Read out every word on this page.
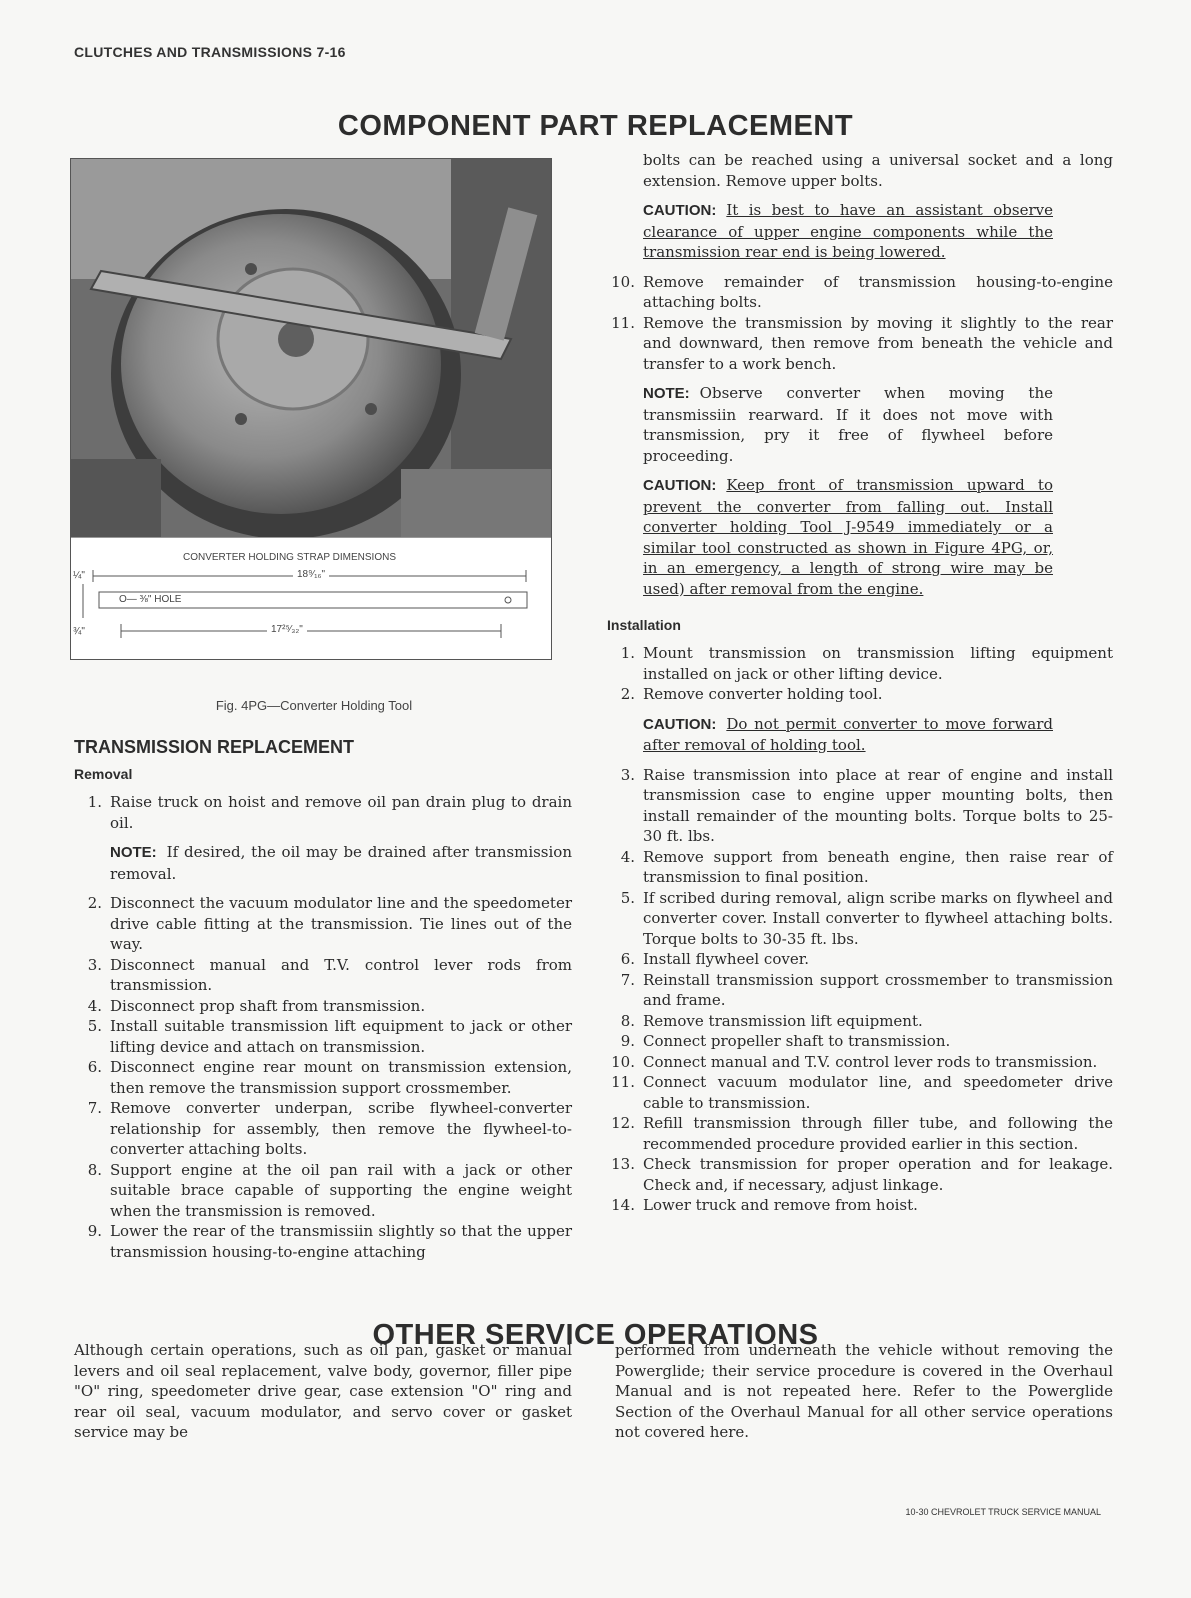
CLUTCHES AND TRANSMISSIONS 7-16
COMPONENT PART REPLACEMENT
CONVERTER HOLDING STRAP DIMENSIONS
18⁹⁄₁₆"
O— ⅜" HOLE
17²⁵⁄₃₂"
¼"
¾"
Fig. 4PG—Converter Holding Tool
TRANSMISSION REPLACEMENT
Removal
1. Raise truck on hoist and remove oil pan drain plug to drain oil.
NOTE: If desired, the oil may be drained after transmission removal.
2. Disconnect the vacuum modulator line and the speedometer drive cable fitting at the transmission. Tie lines out of the way.
3. Disconnect manual and T.V. control lever rods from transmission.
4. Disconnect prop shaft from transmission.
5. Install suitable transmission lift equipment to jack or other lifting device and attach on transmission.
6. Disconnect engine rear mount on transmission extension, then remove the transmission support crossmember.
7. Remove converter underpan, scribe flywheel-converter relationship for assembly, then remove the flywheel-to-converter attaching bolts.
8. Support engine at the oil pan rail with a jack or other suitable brace capable of supporting the engine weight when the transmission is removed.
9. Lower the rear of the transmissiin slightly so that the upper transmission housing-to-engine attaching

bolts can be reached using a universal socket and a long extension. Remove upper bolts.

CAUTION: It is best to have an assistant observe clearance of upper engine components while the transmission rear end is being lowered.
10. Remove remainder of transmission housing-to-engine attaching bolts.
11. Remove the transmission by moving it slightly to the rear and downward, then remove from beneath the vehicle and transfer to a work bench.
NOTE: Observe converter when moving the transmissiin rearward. If it does not move with transmission, pry it free of flywheel before proceeding.
CAUTION: Keep front of transmission upward to prevent the converter from falling out. Install converter holding Tool J-9549 immediately or a similar tool constructed as shown in Figure 4PG, or, in an emergency, a length of strong wire may be used) after removal from the engine.
Installation
1. Mount transmission on transmission lifting equipment installed on jack or other lifting device.
2. Remove converter holding tool.
CAUTION: Do not permit converter to move forward after removal of holding tool.
3. Raise transmission into place at rear of engine and install transmission case to engine upper mounting bolts, then install remainder of the mounting bolts. Torque bolts to 25-30 ft. lbs.
4. Remove support from beneath engine, then raise rear of transmission to final position.
5. If scribed during removal, align scribe marks on flywheel and converter cover. Install converter to flywheel attaching bolts. Torque bolts to 30-35 ft. lbs.
6. Install flywheel cover.
7. Reinstall transmission support crossmember to transmission and frame.
8. Remove transmission lift equipment.
9. Connect propeller shaft to transmission.
10. Connect manual and T.V. control lever rods to transmission.
11. Connect vacuum modulator line, and speedometer drive cable to transmission.
12. Refill transmission through filler tube, and following the recommended procedure provided earlier in this section.
13. Check transmission for proper operation and for leakage. Check and, if necessary, adjust linkage.
14. Lower truck and remove from hoist.
OTHER SERVICE OPERATIONS

Although certain operations, such as oil pan, gasket or manual levers and oil seal replacement, valve body, governor, filler pipe "O" ring, speedometer drive gear, case extension "O" ring and rear oil seal, vacuum modulator, and servo cover or gasket service may be

performed from underneath the vehicle without removing the Powerglide; their service procedure is covered in the Overhaul Manual and is not repeated here. Refer to the Powerglide Section of the Overhaul Manual for all other service operations not covered here.

10-30 CHEVROLET TRUCK SERVICE MANUAL
